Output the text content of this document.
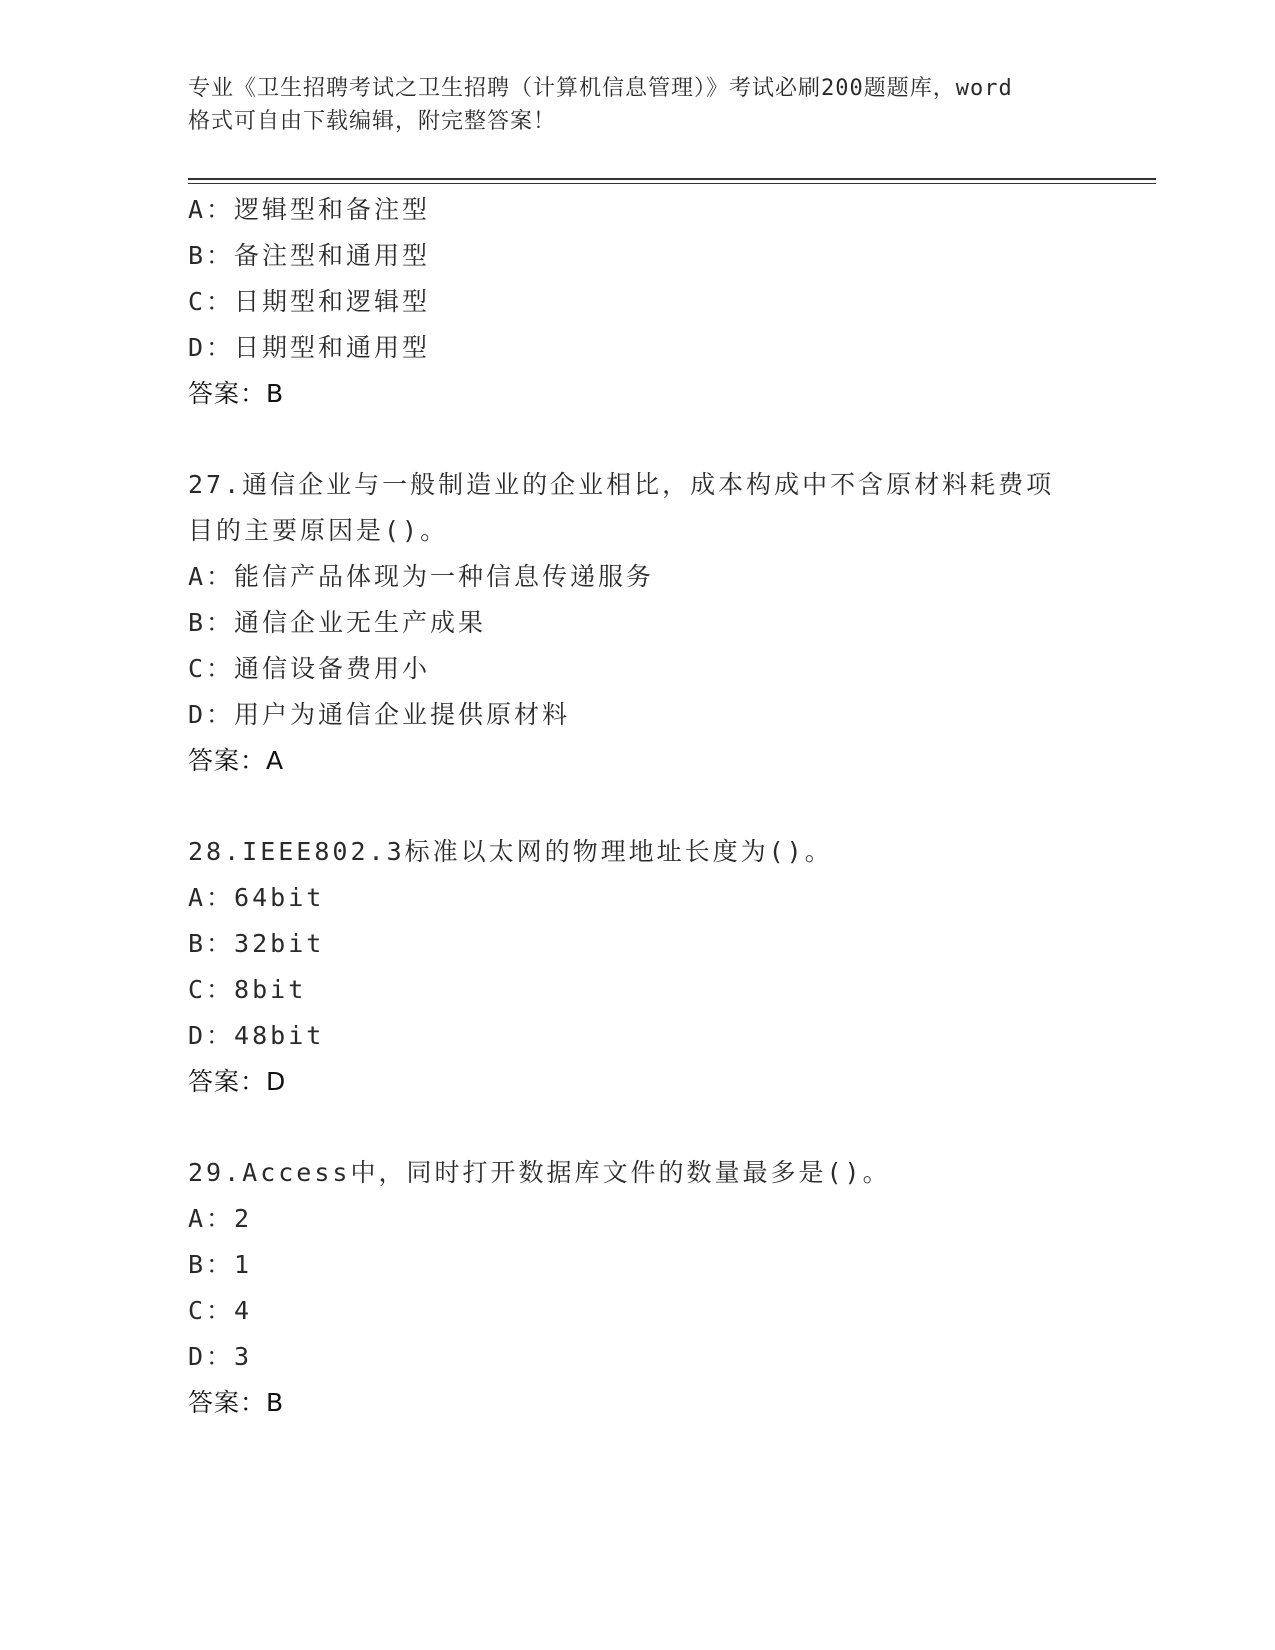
专业《卫生招聘考试之卫生招聘（计算机信息管理）》考试必刷200题题库，word
格式可自由下载编辑，附完整答案！
A：逻辑型和备注型
B：备注型和通用型
C：日期型和逻辑型
D：日期型和通用型
答案：B
27.通信企业与一般制造业的企业相比，成本构成中不含原材料耗费项
目的主要原因是()。
A：能信产品体现为一种信息传递服务
B：通信企业无生产成果
C：通信设备费用小
D：用户为通信企业提供原材料
答案：A
28.IEEE802.3标准以太网的物理地址长度为()。
A：64bit
B：32bit
C：8bit
D：48bit
答案：D
29.Access中，同时打开数据库文件的数量最多是()。
A：2
B：1
C：4
D：3
答案：B
